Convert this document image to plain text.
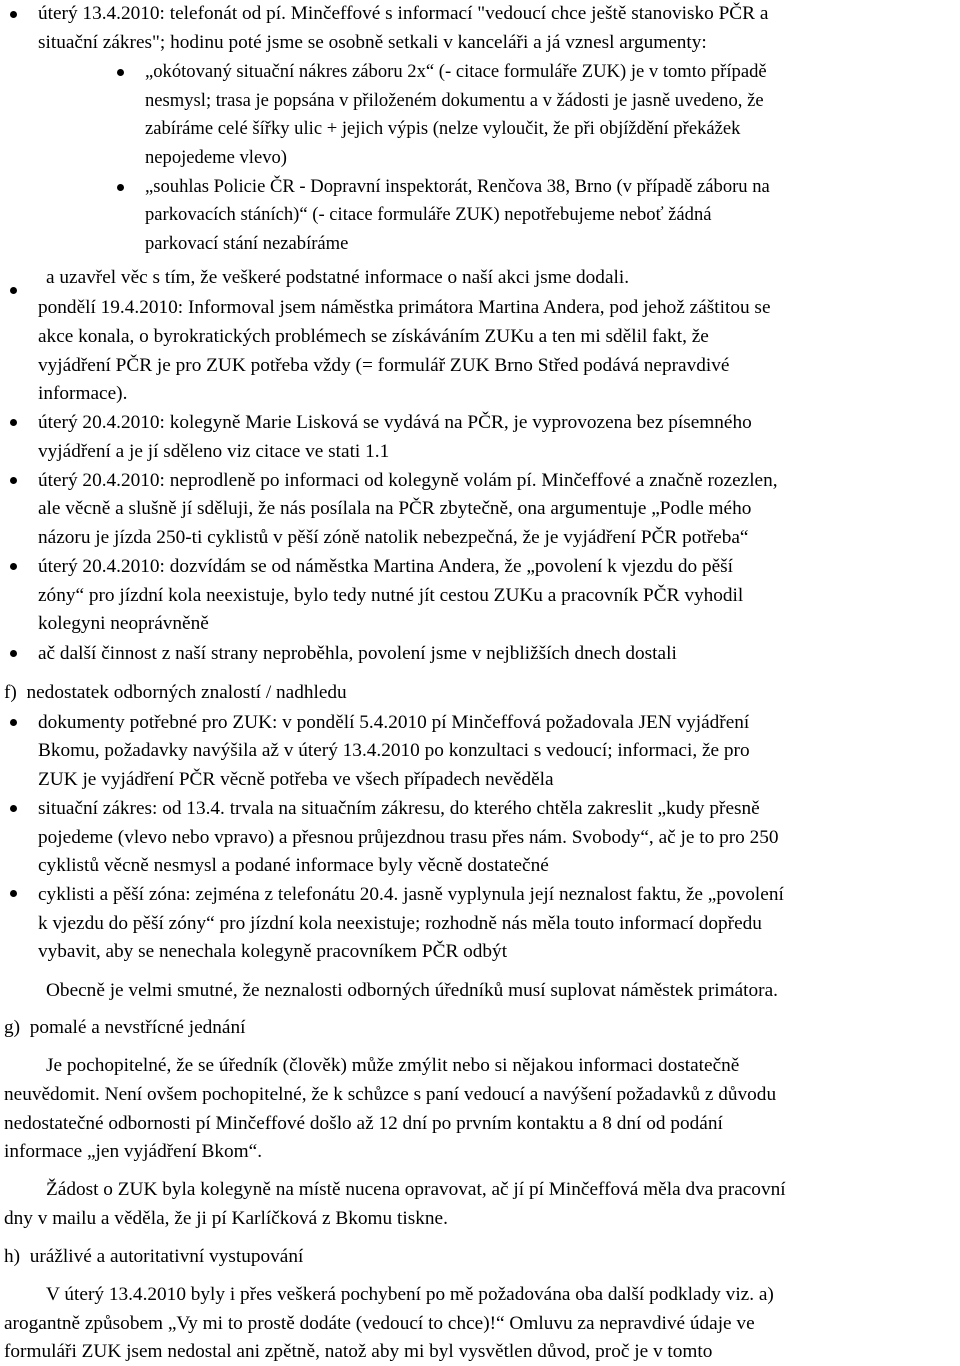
úterý 13.4.2010: telefonát od pí. Minčeffové s informací "vedoucí chce ještě stanovisko PČR a
situační zákres"; hodinu poté jsme se osobně setkali v kanceláři a já vznesl argumenty:
„okótovaný situační nákres záboru 2x“ (- citace formuláře ZUK) je v tomto případě
nesmysl; trasa je popsána v přiloženém dokumentu a v žádosti je jasně uvedeno, že
zabíráme celé šířky ulic + jejich výpis (nelze vyloučit, že při objíždění překážek
nepojedeme vlevo)
„souhlas Policie ČR - Dopravní inspektorát, Renčova 38, Brno (v případě záboru na
parkovacích stáních)“ (- citace formuláře ZUK) nepotřebujeme neboť žádná
parkovací stání nezabíráme
a uzavřel věc s tím, že veškeré podstatné informace o naší akci jsme dodali.
pondělí 19.4.2010: Informoval jsem náměstka primátora Martina Andera, pod jehož záštitou se
akce konala, o byrokratických problémech se získáváním ZUKu a ten mi sdělil fakt, že
vyjádření PČR je pro ZUK potřeba vždy (= formulář ZUK Brno Střed podává nepravdivé
informace).
úterý 20.4.2010: kolegyně Marie Lisková se vydává na PČR, je vyprovozena bez písemného
vyjádření a je jí sděleno viz citace ve stati 1.1
úterý 20.4.2010: neprodleně po informaci od kolegyně volám pí. Minčeffové a značně rozezlen,
ale věcně a slušně jí sděluji, že nás posílala na PČR zbytečně, ona argumentuje „Podle mého
názoru je jízda 250-ti cyklistů v pěší zóně natolik nebezpečná, že je vyjádření PČR potřeba“
úterý 20.4.2010: dozvídám se od náměstka Martina Andera, že „povolení k vjezdu do pěší
zóny“ pro jízdní kola neexistuje, bylo tedy nutné jít cestou ZUKu a pracovník PČR vyhodil
kolegyni neoprávněně
ač další činnost z naší strany neproběhla, povolení jsme v nejbližších dnech dostali
f)  nedostatek odborných znalostí / nadhledu
dokumenty potřebné pro ZUK: v pondělí 5.4.2010 pí Minčeffová požadovala JEN vyjádření
Bkomu, požadavky navýšila až v úterý 13.4.2010 po konzultaci s vedoucí; informaci, že pro
ZUK je vyjádření PČR věcně potřeba ve všech případech nevěděla
situační zákres: od 13.4. trvala na situačním zákresu, do kterého chtěla zakreslit „kudy přesně
pojedeme (vlevo nebo vpravo) a přesnou průjezdnou trasu přes nám. Svobody“, ač je to pro 250
cyklistů věcně nesmysl a podané informace byly věcně dostatečné
cyklisti a pěší zóna: zejména z telefonátu 20.4. jasně vyplynula její neznalost faktu, že „povolení
k vjezdu do pěší zóny“ pro jízdní kola neexistuje; rozhodně nás měla touto informací dopředu
vybavit, aby se nenechala kolegyně pracovníkem PČR odbýt
Obecně je velmi smutné, že neznalosti odborných úředníků musí suplovat náměstek primátora.
g)  pomalé a nevstřícné jednání
Je pochopitelné, že se úředník (člověk) může zmýlit nebo si nějakou informaci dostatečně
neuvědomit. Není ovšem pochopitelné, že k schůzce s paní vedoucí a navýšení požadavků z důvodu
nedostatečné odbornosti pí Minčeffové došlo až 12 dní po prvním kontaktu a 8 dní od podání
informace „jen vyjádření Bkom“.
Žádost o ZUK byla kolegyně na místě nucena opravovat, ač jí pí Minčeffová měla dva pracovní
dny v mailu a věděla, že ji pí Karlíčková z Bkomu tiskne.
h)  urážlivé a autoritativní vystupování
V úterý 13.4.2010 byly i přes veškerá pochybení po mě požadována oba další podklady viz. a)
arogantně způsobem „Vy mi to prostě dodáte (vedoucí to chce)!“ Omluvu za nepravdivé údaje ve
formuláři ZUK jsem nedostal ani zpětně, natož aby mi byl vysvětlen důvod, proč je v tomto
